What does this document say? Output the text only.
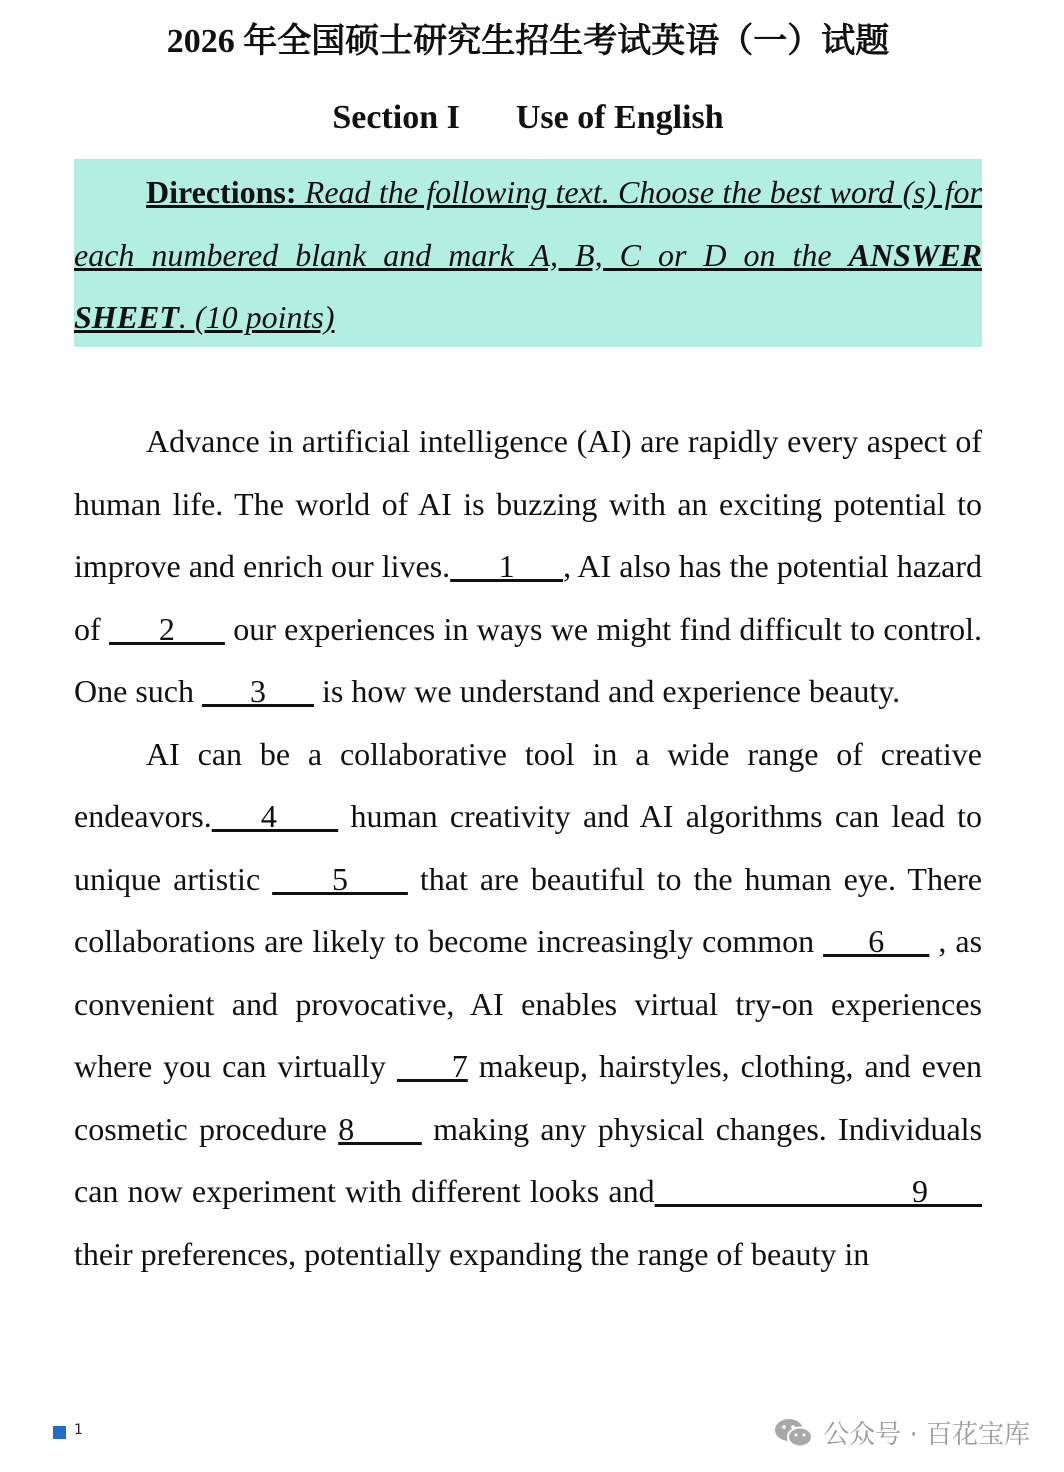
2026 年全国硕士研究生招生考试英语（一）试题
Section I Use of English

Directions: Read the following text. Choose the best word (s) for each numbered blank and mark A, B, C or D on the ANSWER SHEET. (10 points)

Advance in artificial intelligence (AI) are rapidly every aspect of human life. The world of AI is buzzing with an exciting potential to improve and enrich our lives.      1      , AI also has the potential hazard of       2       our experiences in ways we might find difficult to control. One such       3       is how we understand and experience beauty.

AI can be a collaborative tool in a wide range of creative endeavors.    4      human creativity and AI algorithms can lead to unique artistic      5      that are beautiful to the human eye. There collaborations are likely to become increasingly common      6      , as convenient and provocative, AI enables virtual try-on experiences where you can virtually      7 makeup, hairstyles, clothing, and even cosmetic procedure 8       making any physical changes. Individuals can now experiment with different looks and                            9       their preferences, potentially expanding the range of beauty in

1	公众号 · 百花宝库
